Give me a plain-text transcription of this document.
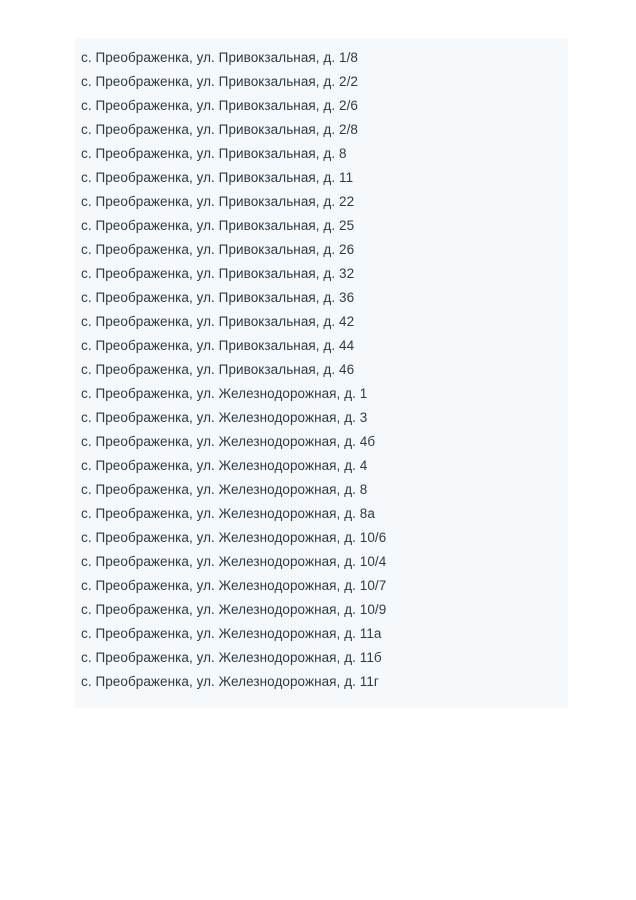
с. Преображенка, ул. Привокзальная, д. 1/8
с. Преображенка, ул. Привокзальная, д. 2/2
с. Преображенка, ул. Привокзальная, д. 2/6
с. Преображенка, ул. Привокзальная, д. 2/8
с. Преображенка, ул. Привокзальная, д. 8
с. Преображенка, ул. Привокзальная, д. 11
с. Преображенка, ул. Привокзальная, д. 22
с. Преображенка, ул. Привокзальная, д. 25
с. Преображенка, ул. Привокзальная, д. 26
с. Преображенка, ул. Привокзальная, д. 32
с. Преображенка, ул. Привокзальная, д. 36
с. Преображенка, ул. Привокзальная, д. 42
с. Преображенка, ул. Привокзальная, д. 44
с. Преображенка, ул. Привокзальная, д. 46
с. Преображенка, ул. Железнодорожная, д. 1
с. Преображенка, ул. Железнодорожная, д. 3
с. Преображенка, ул. Железнодорожная, д. 4б
с. Преображенка, ул. Железнодорожная, д. 4
с. Преображенка, ул. Железнодорожная, д. 8
с. Преображенка, ул. Железнодорожная, д. 8а
с. Преображенка, ул. Железнодорожная, д. 10/6
с. Преображенка, ул. Железнодорожная, д. 10/4
с. Преображенка, ул. Железнодорожная, д. 10/7
с. Преображенка, ул. Железнодорожная, д. 10/9
с. Преображенка, ул. Железнодорожная, д. 11а
с. Преображенка, ул. Железнодорожная, д. 11б
с. Преображенка, ул. Железнодорожная, д. 11г
